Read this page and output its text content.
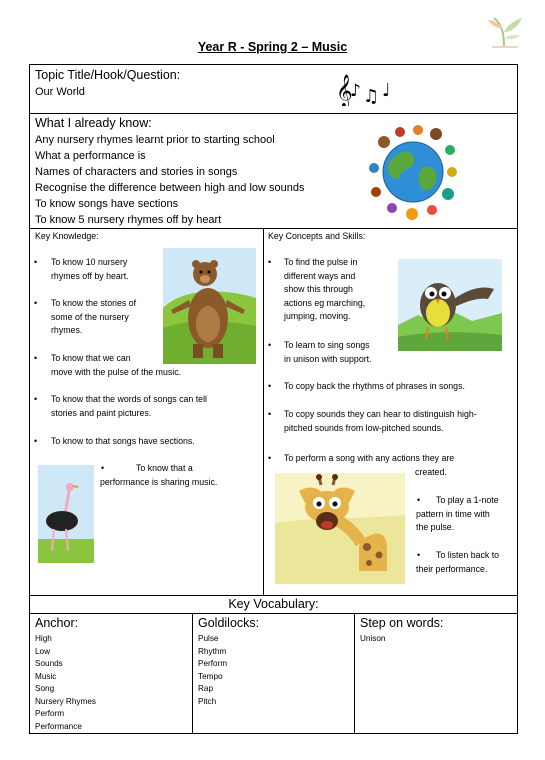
Year R - Spring 2 – Music
Topic Title/Hook/Question:
Our World	𝄞
♪ ♫ ♩
What I already know:
Any nursery rhymes learnt prior to starting school
What a performance is
Names of characters and stories in songs
Recognise the difference between high and low sounds
To know songs have sections
To know 5 nursery rhymes off by heart
Key Knowledge:
• To know 10 nursery
rhymes off by heart.
• To know the stories of
some of the nursery
rhymes.
• To know that we can
move with the pulse of the music.
• To know that the words of songs can tell
stories and paint pictures.
• To know to that songs have sections.
•	To know that a
performance is sharing music.
Key Concepts and Skills:
• To find the pulse in
different ways and
show this through
actions eg marching,
jumping, moving.
• To learn to sing songs
in unison with support.
• To copy back the rhythms of phrases in songs.
• To copy sounds they can hear to distinguish high-
pitched sounds from low-pitched sounds.
• To perform a song with any actions they are
created.
•	To play a 1-note
pattern in time with
the pulse.
•	To listen back to
their performance.
Key Vocabulary:
Anchor:
High
Low
Sounds
Music
Song
Nursery Rhymes
Perform
Performance
Goldilocks:
Pulse
Rhythm
Perform
Tempo
Rap
Pitch
Step on words:
Unison
